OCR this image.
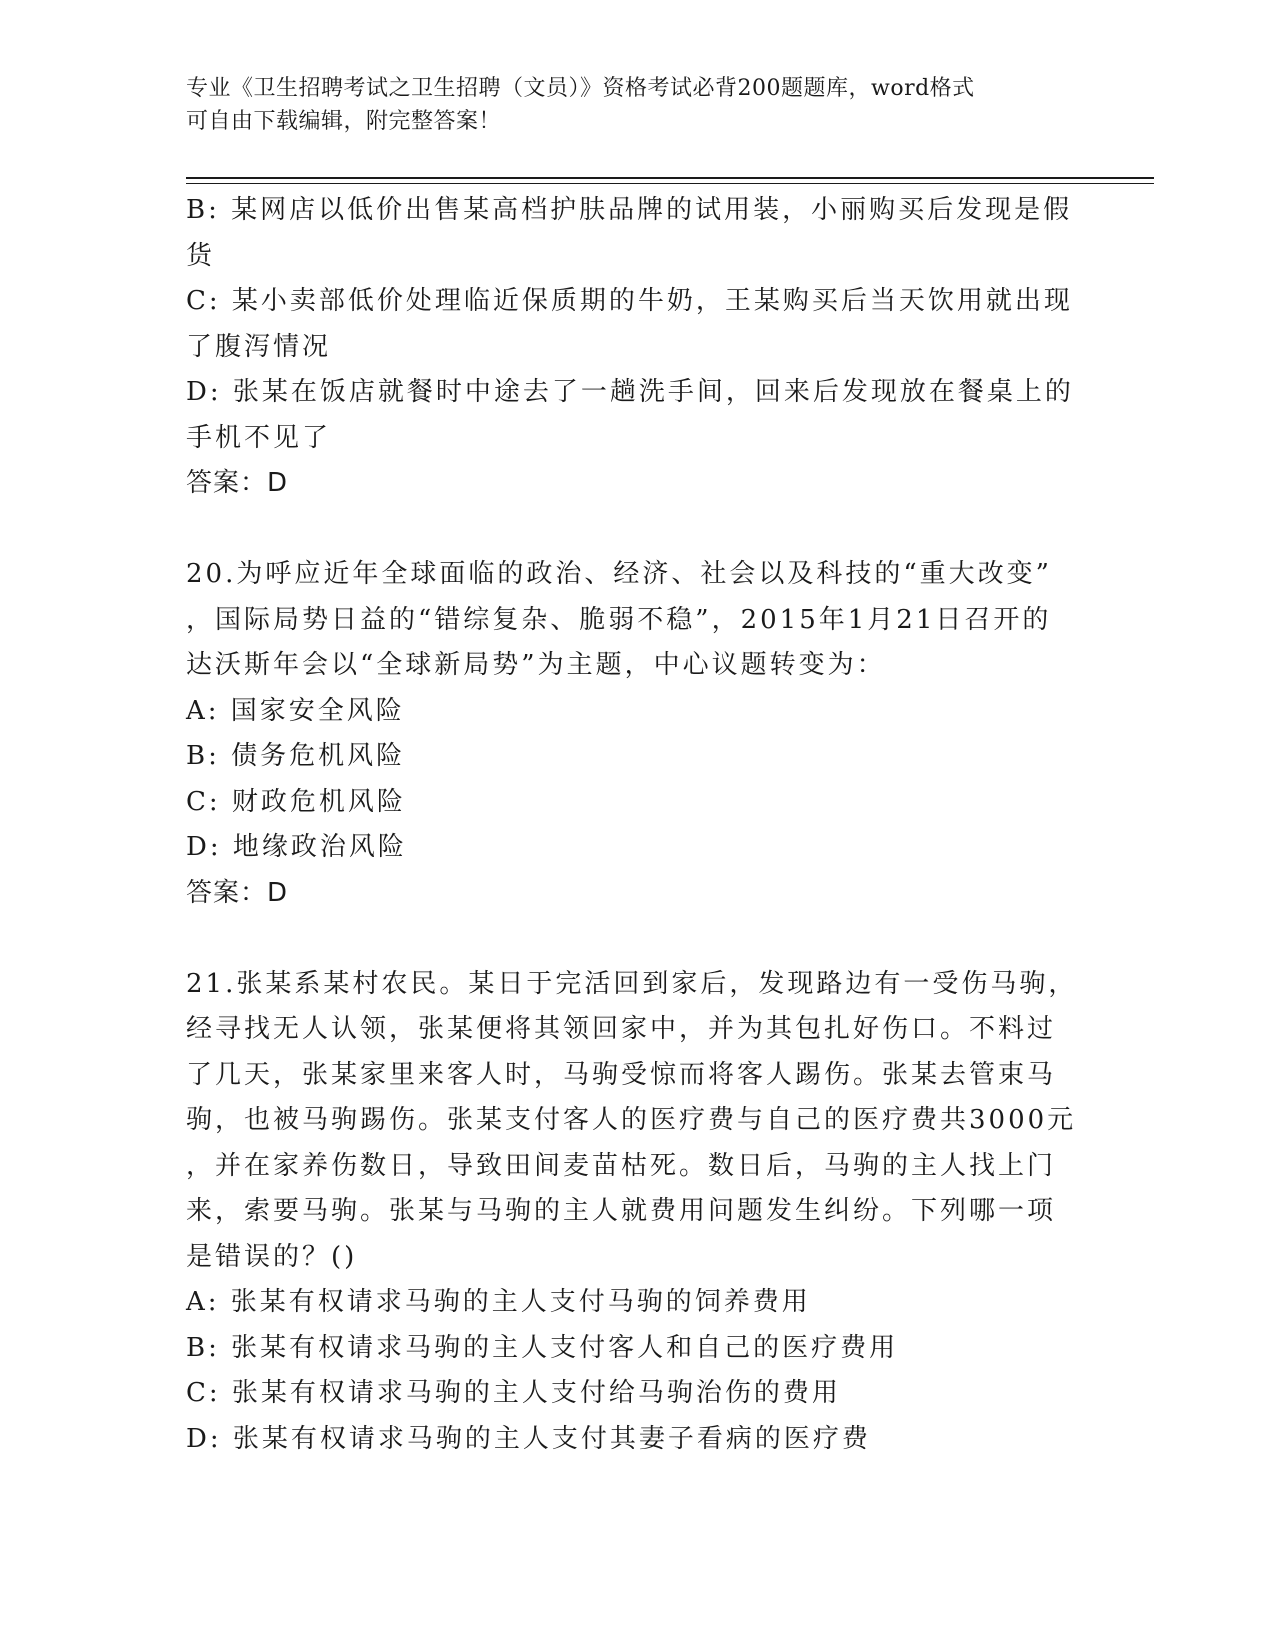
专业《卫生招聘考试之卫生招聘（文员）》资格考试必背200题题库，word格式
可自由下载编辑，附完整答案！
B: 某网店以低价出售某高档护肤品牌的试用装，小丽购买后发现是假
货
C: 某小卖部低价处理临近保质期的牛奶，王某购买后当天饮用就出现
了腹泻情况
D: 张某在饭店就餐时中途去了一趟洗手间，回来后发现放在餐桌上的
手机不见了
答案：D
20.为呼应近年全球面临的政治、经济、社会以及科技的“重大改变”
，国际局势日益的“错综复杂、脆弱不稳”，2015年1月21日召开的
达沃斯年会以“全球新局势”为主题，中心议题转变为：
A: 国家安全风险
B: 债务危机风险
C: 财政危机风险
D: 地缘政治风险
答案：D
21.张某系某村农民。某日于完活回到家后，发现路边有一受伤马驹，
经寻找无人认领，张某便将其领回家中，并为其包扎好伤口。不料过
了几天，张某家里来客人时，马驹受惊而将客人踢伤。张某去管束马
驹，也被马驹踢伤。张某支付客人的医疗费与自己的医疗费共3000元
，并在家养伤数日，导致田间麦苗枯死。数日后，马驹的主人找上门
来，索要马驹。张某与马驹的主人就费用问题发生纠纷。下列哪一项
是错误的？()
A: 张某有权请求马驹的主人支付马驹的饲养费用
B: 张某有权请求马驹的主人支付客人和自己的医疗费用
C: 张某有权请求马驹的主人支付给马驹治伤的费用
D: 张某有权请求马驹的主人支付其妻子看病的医疗费
